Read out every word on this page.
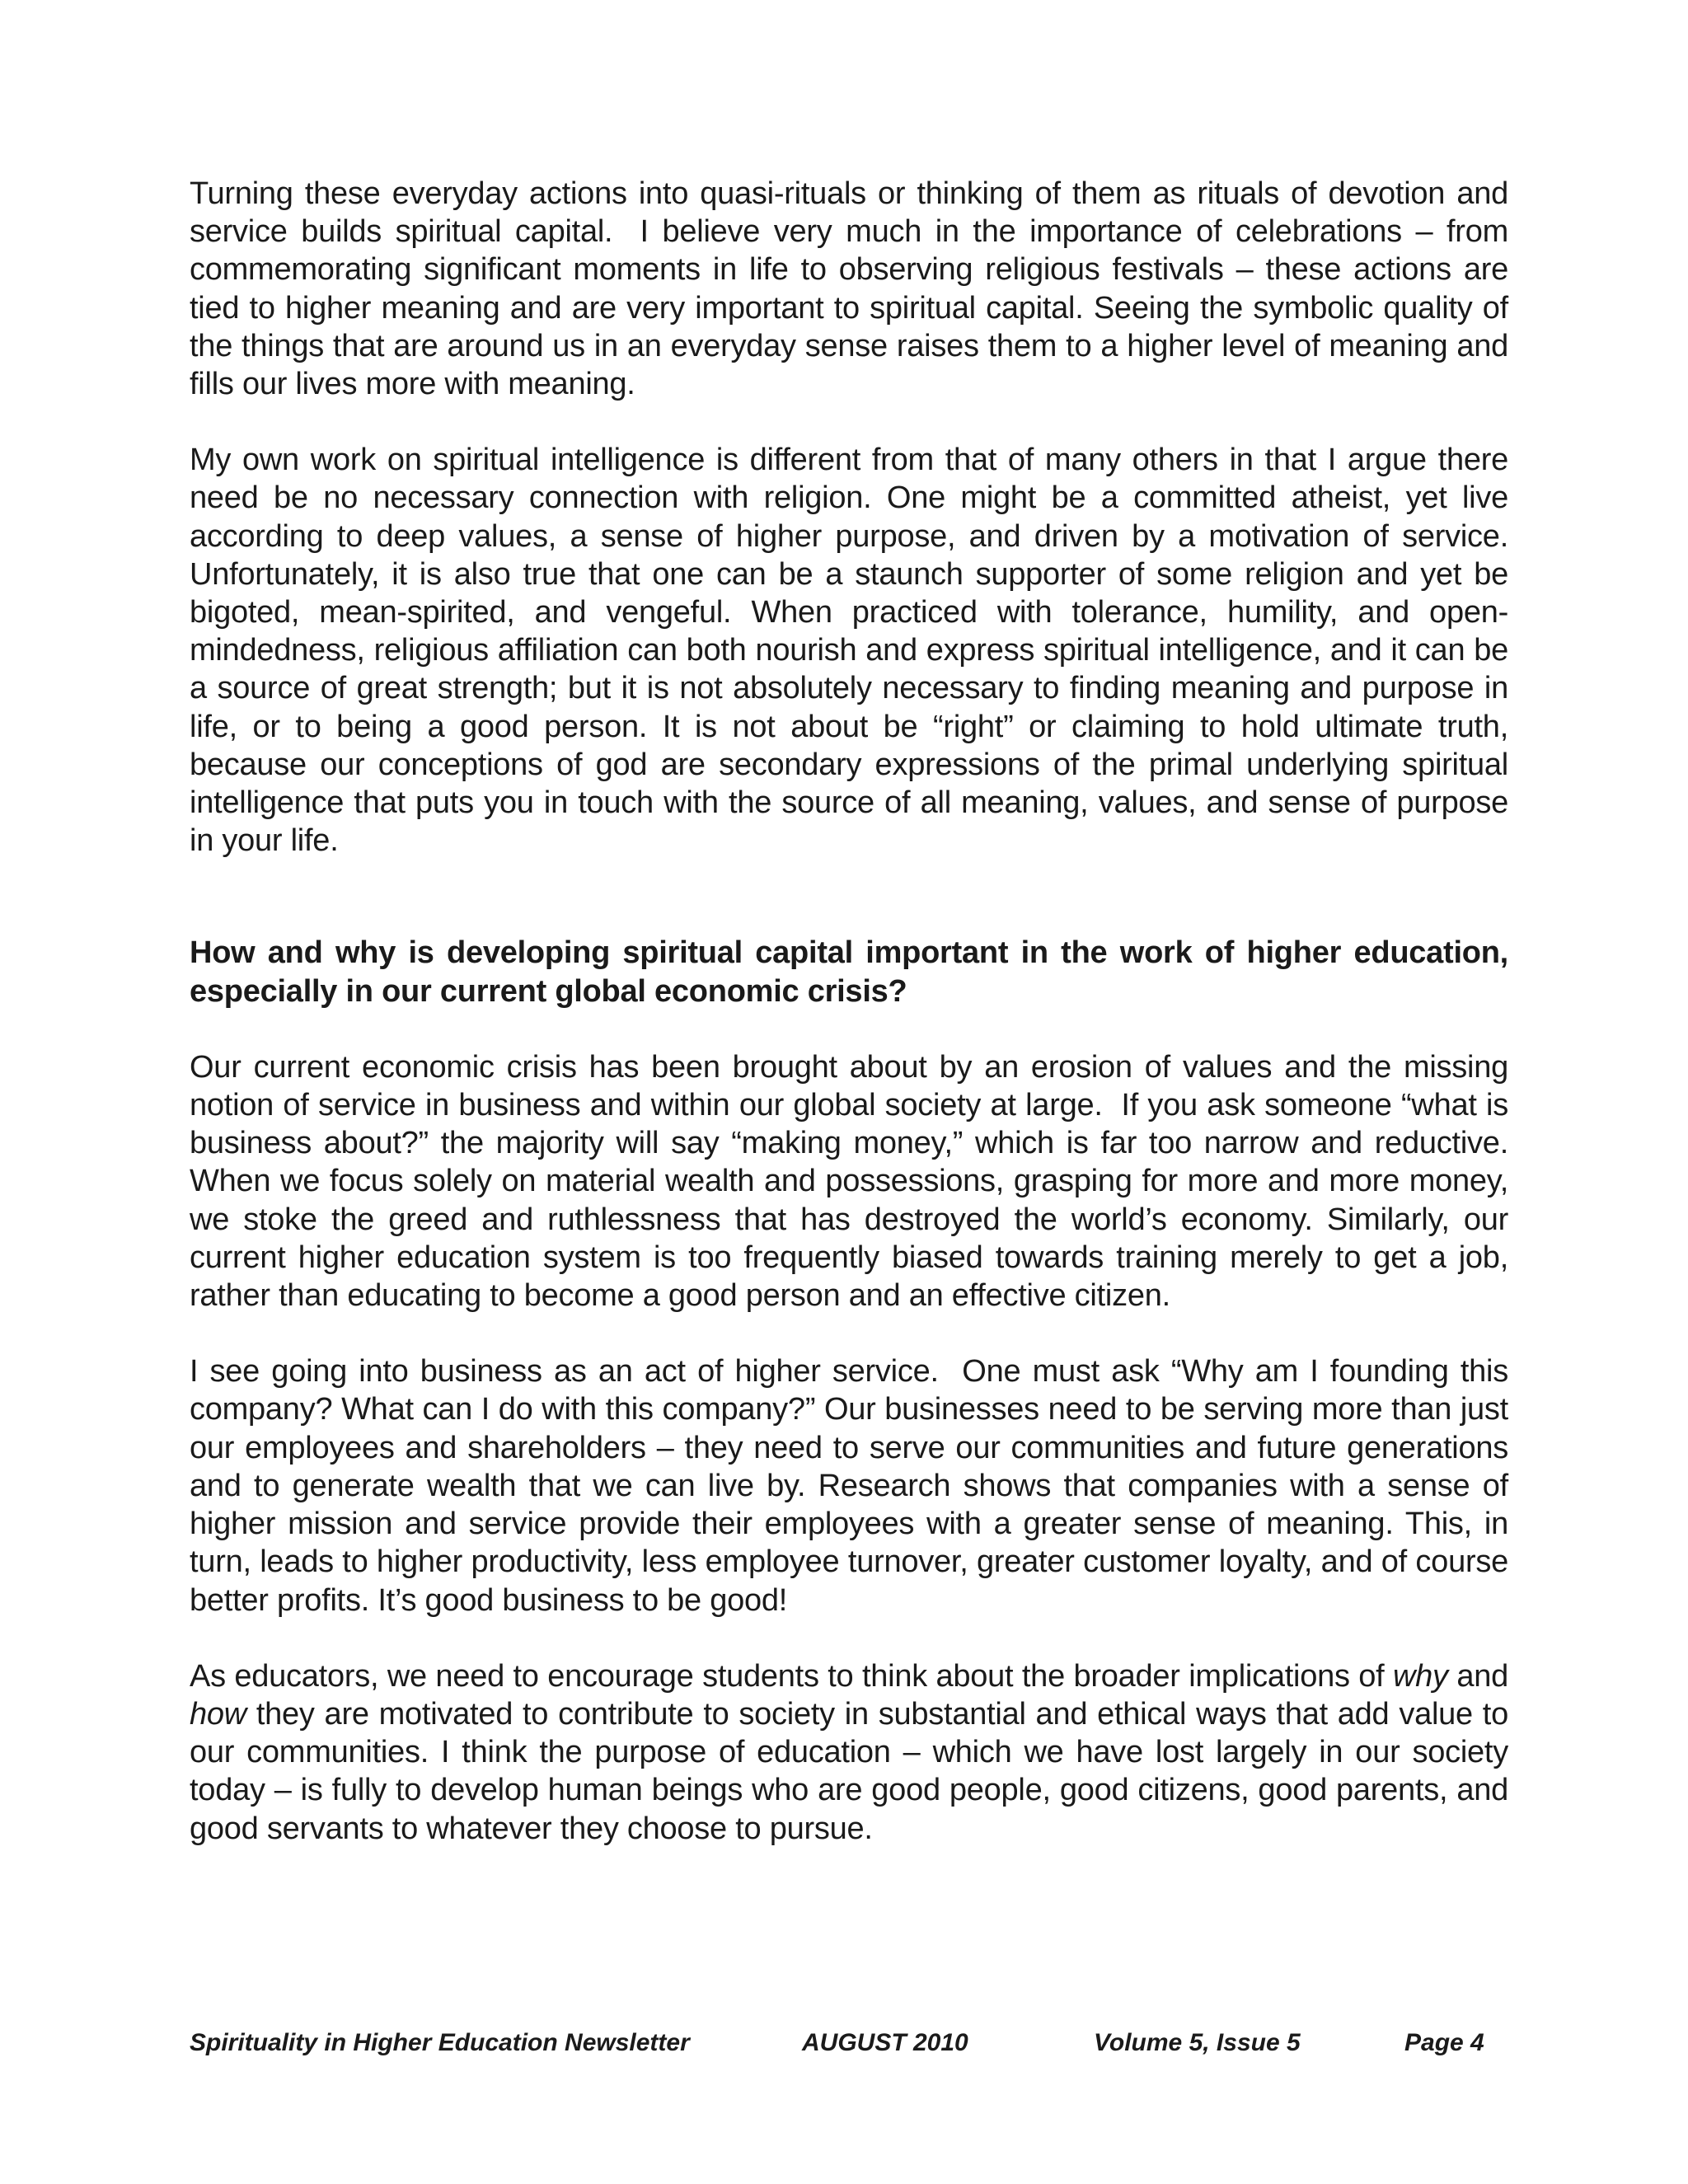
Turning these everyday actions into quasi-rituals or thinking of them as rituals of devotion and service builds spiritual capital.  I believe very much in the importance of celebrations – from commemorating significant moments in life to observing religious festivals – these actions are tied to higher meaning and are very important to spiritual capital. Seeing the symbolic quality of the things that are around us in an everyday sense raises them to a higher level of meaning and fills our lives more with meaning.

My own work on spiritual intelligence is different from that of many others in that I argue there need be no necessary connection with religion. One might be a committed atheist, yet live according to deep values, a sense of higher purpose, and driven by a motivation of service. Unfortunately, it is also true that one can be a staunch supporter of some religion and yet be bigoted, mean-spirited, and vengeful. When practiced with tolerance, humility, and open-mindedness, religious affiliation can both nourish and express spiritual intelligence, and it can be a source of great strength; but it is not absolutely necessary to finding meaning and purpose in life, or to being a good person. It is not about be “right” or claiming to hold ultimate truth, because our conceptions of god are secondary expressions of the primal underlying spiritual intelligence that puts you in touch with the source of all meaning, values, and sense of purpose in your life.

How and why is developing spiritual capital important in the work of higher education, especially in our current global economic crisis?

Our current economic crisis has been brought about by an erosion of values and the missing notion of service in business and within our global society at large.  If you ask someone “what is business about?” the majority will say “making money,” which is far too narrow and reductive. When we focus solely on material wealth and possessions, grasping for more and more money, we stoke the greed and ruthlessness that has destroyed the world’s economy. Similarly, our current higher education system is too frequently biased towards training merely to get a job, rather than educating to become a good person and an effective citizen.

I see going into business as an act of higher service.  One must ask “Why am I founding this company? What can I do with this company?” Our businesses need to be serving more than just our employees and shareholders – they need to serve our communities and future generations and to generate wealth that we can live by. Research shows that companies with a sense of higher mission and service provide their employees with a greater sense of meaning. This, in turn, leads to higher productivity, less employee turnover, greater customer loyalty, and of course better profits. It’s good business to be good!

As educators, we need to encourage students to think about the broader implications of why and how they are motivated to contribute to society in substantial and ethical ways that add value to our communities. I think the purpose of education – which we have lost largely in our society today – is fully to develop human beings who are good people, good citizens, good parents, and good servants to whatever they choose to pursue.

Spirituality in Higher Education Newsletter	AUGUST 2010	Volume 5, Issue 5	Page 4
